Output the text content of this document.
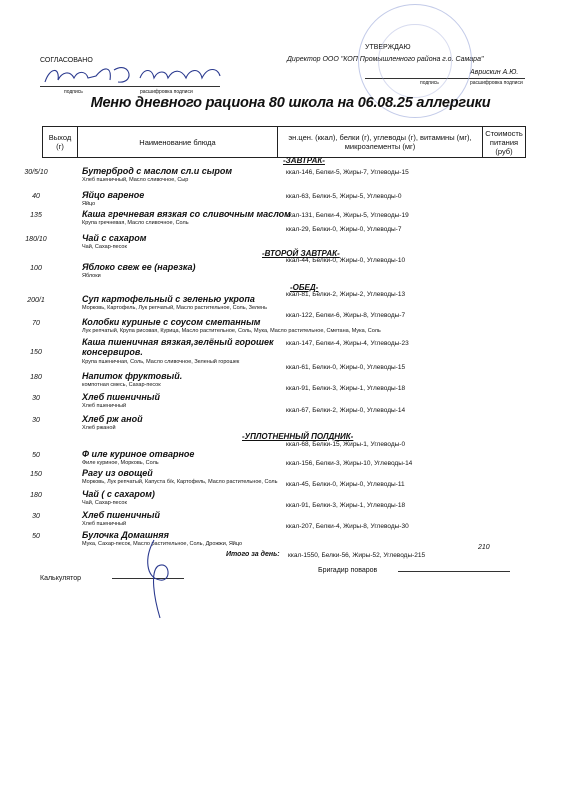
СОГЛАСОВАНО
подпись	расшифровка подписи
УТВЕРЖДАЮ
Директор ООО "КОП Промышленного района г.о. Самара"
Аврискин А.Ю.
подпись	расшифровка подписи
Меню дневного рациона 80 школа на 06.08.25 аллергики
Выход (г)	Наименование блюда	эн.цен. (ккал), белки (г), углеводы (г), витамины (мг), микроэлементы (мг)	Стоимость питания (руб)
-ЗАВТРАК-
30/5/10	Бутерброд с маслом сл.и сыром
Хлеб пшеничный, Масло сливочное, Сыр
ккал-146, Белки-5, Жиры-7, Углеводы-15
40	Яйцо вареное
Яйцо
ккал-63, Белки-5, Жиры-5, Углеводы-0
135	Каша гречневая вязкая со сливочным маслом
Крупа гречневая, Масло сливочное, Соль
ккал-131, Белки-4, Жиры-5, Углеводы-19
180/10	Чай с сахаром
Чай, Сахар-песок
ккал-29, Белки-0, Жиры-0, Углеводы-7
-ВТОРОЙ ЗАВТРАК-
100	Яблоко свеж ее (нарезка)
Яблоки
ккал-44, Белки-0, Жиры-0, Углеводы-10
-ОБЕД-
200/1	Суп картофельный с зеленью укропа
Морковь, Картофель, Лук репчатый, Масло растительное, Соль, Зелень
ккал-81, Белки-2, Жиры-2, Углеводы-13
70	Колобки куриные с соусом сметанным
Лук репчатый, Крупа рисовая, Курица, Масло растительное, Соль, Мука, Масло растительное, Сметана, Мука, Соль
ккал-122, Белки-6, Жиры-8, Углеводы-7
150
Каша пшеничная вязкая,зелёный горошек консервиров.
Крупа пшеничная, Соль, Масло сливочное, Зеленый горошек
ккал-147, Белки-4, Жиры-4, Углеводы-23
180	Напиток фруктовый.
компотная смесь, Сахар-песок
ккал-61, Белки-0, Жиры-0, Углеводы-15
30	Хлеб пшеничный
Хлеб пшеничный
ккал-91, Белки-3, Жиры-1, Углеводы-18
30	Хлеб рж аной
Хлеб ржаной
ккал-67, Белки-2, Жиры-0, Углеводы-14
-УПЛОТНЕННЫЙ ПОЛДНИК-
50	Ф иле куриное отварное
Филе куриное, Морковь, Соль
ккал-68, Белки-15, Жиры-1, Углеводы-0
150	Рагу из овощей
Морковь, Лук репчатый, Капуста б/к, Картофель, Масло растительное, Соль
ккал-156, Белки-3, Жиры-10, Углеводы-14
180	Чай ( с сахаром)
Чай, Сахар-песок
ккал-45, Белки-0, Жиры-0, Углеводы-11
30	Хлеб пшеничный
Хлеб пшеничный
ккал-91, Белки-3, Жиры-1, Углеводы-18
50	Булочка Домашняя
Мука, Сахар-песок, Масло растительное, Соль, Дрожжи, Яйцо
ккал-207, Белки-4, Жиры-8, Углеводы-30
Итого за день: ккал-1550, Белки-56, Жиры-52, Углеводы-215
210
Калькулятор
Бригадир поваров
